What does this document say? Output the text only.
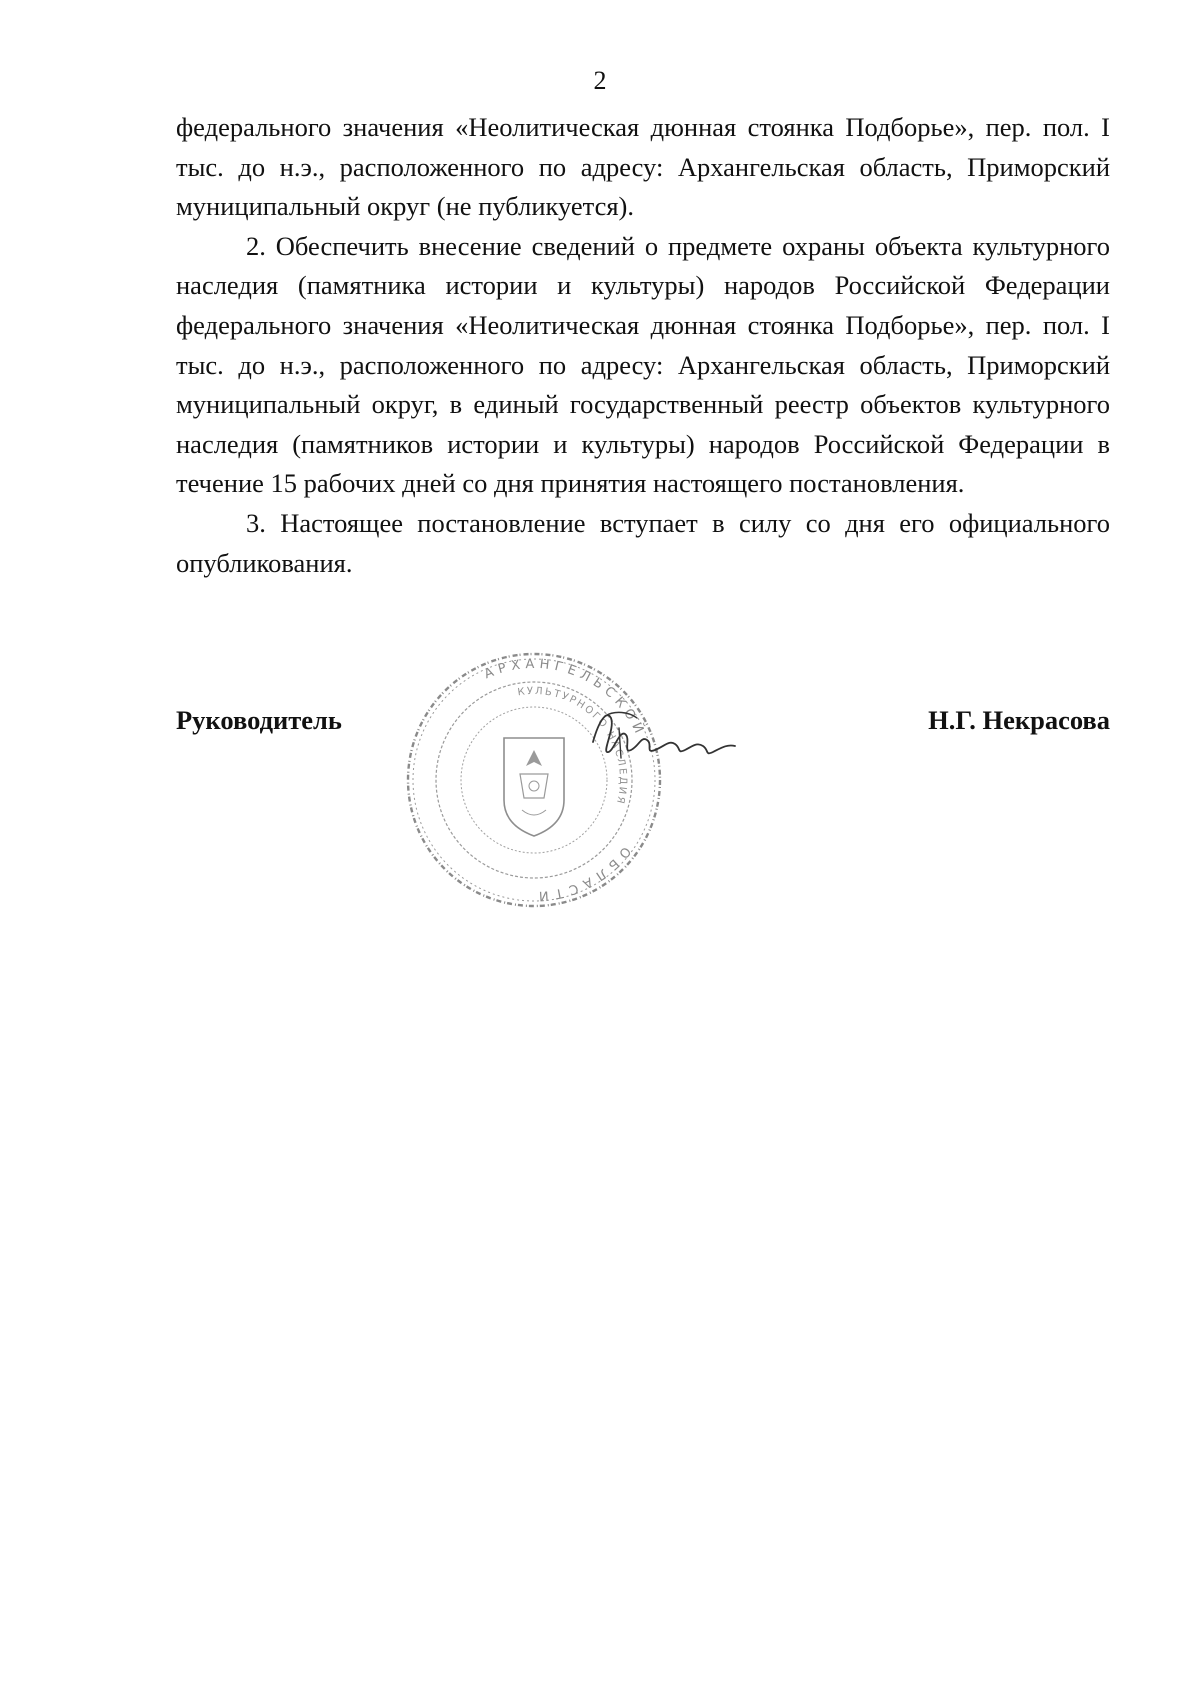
2

федерального значения «Неолитическая дюнная стоянка Подборье», пер. пол. I тыс. до н.э., расположенного по адресу: Архангельская область, Приморский муниципальный округ (не публикуется).

2. Обеспечить внесение сведений о предмете охраны объекта культурного наследия (памятника истории и культуры) народов Российской Федерации федерального значения «Неолитическая дюнная стоянка Подборье», пер. пол. I тыс. до н.э., расположенного по адресу: Архангельская область, Приморский муниципальный округ, в единый государственный реестр объектов культурного наследия (памятников истории и культуры) народов Российской Федерации в течение 15 рабочих дней со дня принятия настоящего постановления.

3. Настоящее постановление вступает в силу со дня его официального опубликования.

АРХАНГЕЛЬСКОЙ
ОБЛАСТИ
КУЛЬТУРНОГО НАСЛЕДИЯ
Руководитель	Н.Г. Некрасова
